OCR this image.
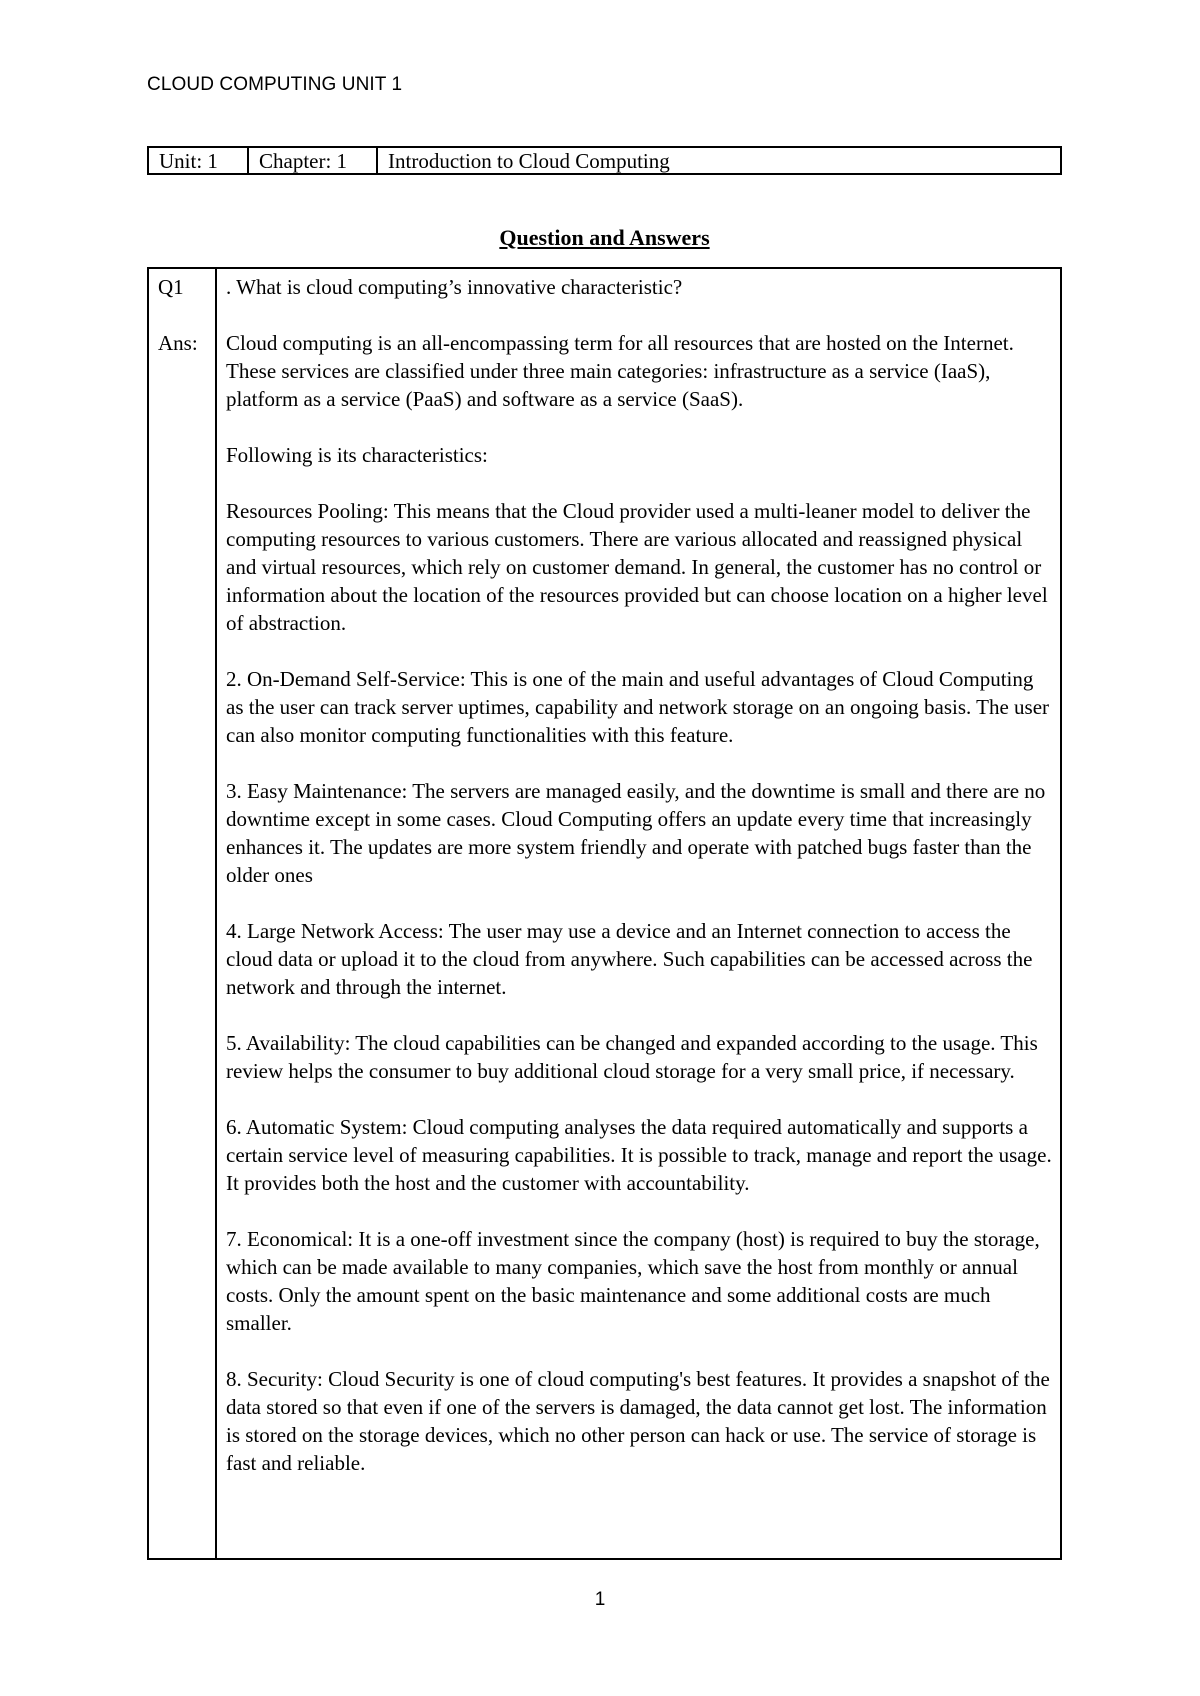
CLOUD COMPUTING UNIT 1
Unit: 1	Chapter: 1	Introduction to Cloud Computing
Question and Answers
Q1
Ans:

. What is cloud computing’s innovative characteristic?

Cloud computing is an all-encompassing term for all resources that are hosted on the Internet. These services are classified under three main categories: infrastructure as a service (IaaS), platform as a service (PaaS) and software as a service (SaaS).

Following is its characteristics:

Resources Pooling: This means that the Cloud provider used a multi-leaner model to deliver the computing resources to various customers. There are various allocated and reassigned physical and virtual resources, which rely on customer demand. In general, the customer has no control or information about the location of the resources provided but can choose location on a higher level of abstraction.

2. On-Demand Self-Service: This is one of the main and useful advantages of Cloud Computing as the user can track server uptimes, capability and network storage on an ongoing basis. The user can also monitor computing functionalities with this feature.

3. Easy Maintenance: The servers are managed easily, and the downtime is small and there are no downtime except in some cases. Cloud Computing offers an update every time that increasingly enhances it. The updates are more system friendly and operate with patched bugs faster than the older ones

4. Large Network Access: The user may use a device and an Internet connection to access the cloud data or upload it to the cloud from anywhere. Such capabilities can be accessed across the network and through the internet.

5. Availability: The cloud capabilities can be changed and expanded according to the usage. This review helps the consumer to buy additional cloud storage for a very small price, if necessary.

6. Automatic System: Cloud computing analyses the data required automatically and supports a certain service level of measuring capabilities. It is possible to track, manage and report the usage. It provides both the host and the customer with accountability.

7. Economical: It is a one-off investment since the company (host) is required to buy the storage, which can be made available to many companies, which save the host from monthly or annual costs. Only the amount spent on the basic maintenance and some additional costs are much smaller.

8. Security: Cloud Security is one of cloud computing's best features. It provides a snapshot of the data stored so that even if one of the servers is damaged, the data cannot get lost. The information is stored on the storage devices, which no other person can hack or use. The service of storage is fast and reliable.

1
